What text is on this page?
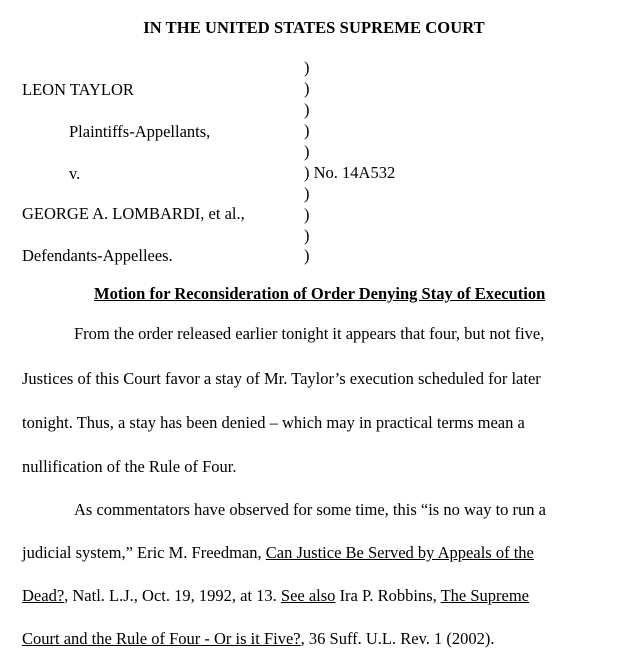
IN THE UNITED STATES SUPREME COURT
LEON TAYLOR
Plaintiffs-Appellants,
v.
GEORGE A. LOMBARDI, et al.,
Defendants-Appellees.
)
)
)
)
)
) No. 14A532
)
)
)
)
Motion for Reconsideration of Order Denying Stay of Execution
From the order released earlier tonight it appears that four, but not five,
Justices of this Court favor a stay of Mr. Taylor’s execution scheduled for later
tonight. Thus, a stay has been denied – which may in practical terms mean a
nullification of the Rule of Four.
As commentators have observed for some time, this “is no way to run a
judicial system,” Eric M. Freedman, Can Justice Be Served by Appeals of the
Dead?, Natl. L.J., Oct. 19, 1992, at 13. See also Ira P. Robbins, The Supreme
Court and the Rule of Four - Or is it Five?, 36 Suff. U.L. Rev. 1 (2002).
